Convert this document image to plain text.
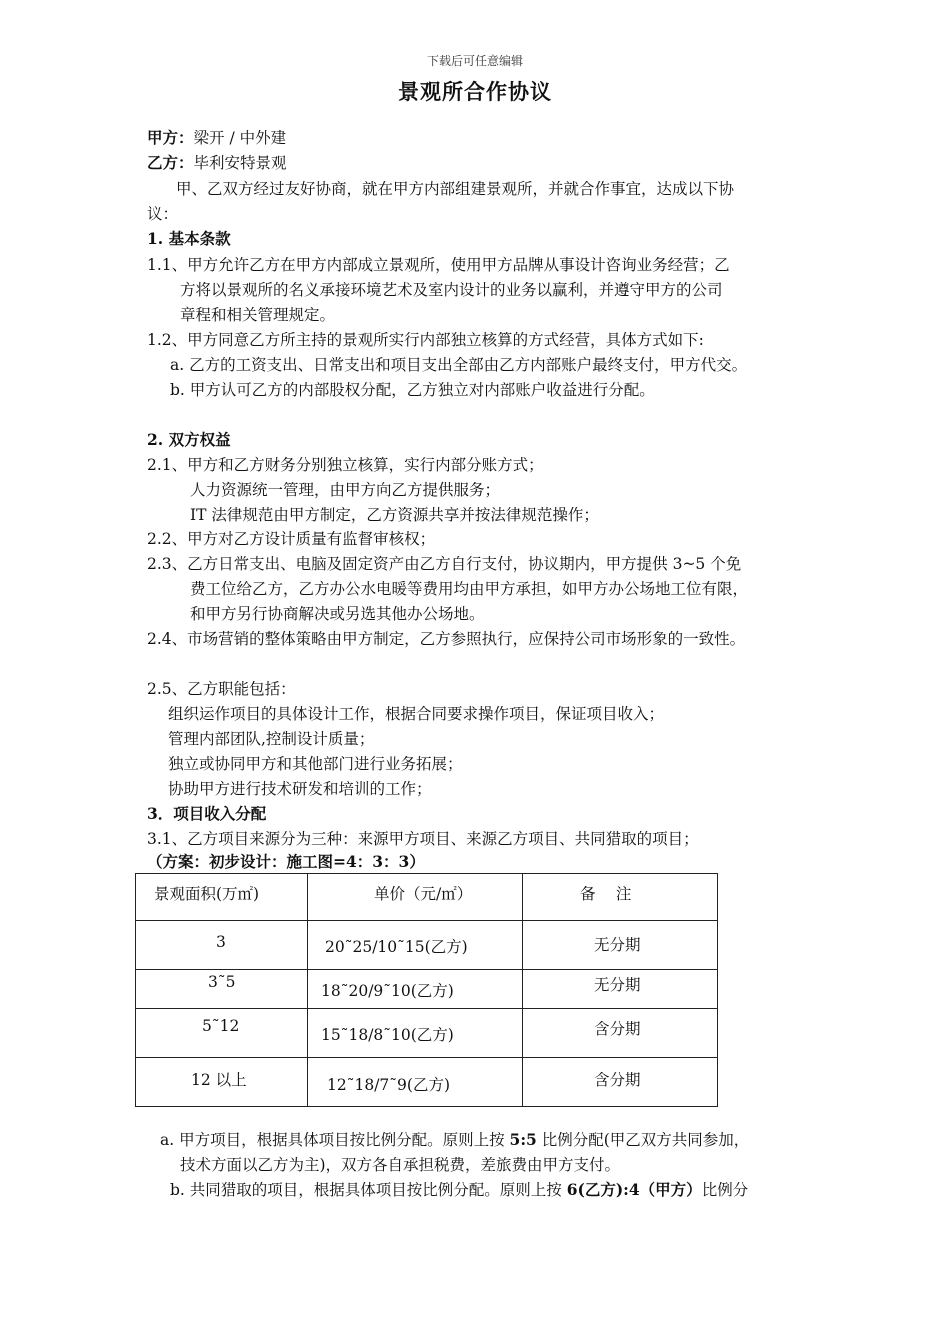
下载后可任意编辑
景观所合作协议
甲方：梁开 / 中外建
乙方：毕利安特景观
甲、乙双方经过友好协商，就在甲方内部组建景观所，并就合作事宜，达成以下协
议：
1. 基本条款
1.1、甲方允许乙方在甲方内部成立景观所，使用甲方品牌从事设计咨询业务经营；乙
方将以景观所的名义承接环境艺术及室内设计的业务以赢利，并遵守甲方的公司
章程和相关管理规定。
1.2、甲方同意乙方所主持的景观所实行内部独立核算的方式经营，具体方式如下:
a. 乙方的工资支出、日常支出和项目支出全部由乙方内部账户最终支付，甲方代交。
b. 甲方认可乙方的内部股权分配，乙方独立对内部账户收益进行分配。
2. 双方权益
2.1、甲方和乙方财务分别独立核算，实行内部分账方式；
人力资源统一管理，由甲方向乙方提供服务；
IT 法律规范由甲方制定，乙方资源共享并按法律规范操作；
2.2、甲方对乙方设计质量有监督审核权；
2.3、乙方日常支出、电脑及固定资产由乙方自行支付，协议期内，甲方提供 3~5 个免
费工位给乙方，乙方办公水电暖等费用均由甲方承担，如甲方办公场地工位有限，
和甲方另行协商解决或另选其他办公场地。
2.4、市场营销的整体策略由甲方制定，乙方参照执行，应保持公司市场形象的一致性。
2.5、乙方职能包括：
组织运作项目的具体设计工作，根据合同要求操作项目，保证项目收入；
管理内部团队,控制设计质量；
独立或协同甲方和其他部门进行业务拓展；
协助甲方进行技术研发和培训的工作；
3．项目收入分配
3.1、乙方项目来源分为三种：来源甲方项目、来源乙方项目、共同猎取的项目；
（方案：初步设计：施工图=4：3：3）
景观面积(万㎡)	单价（元/㎡）	备　 注

3	20˜25/10˜15(乙方)	无分期

3˜5	18˜20/9˜10(乙方)	无分期

5˜12	15˜18/8˜10(乙方)	含分期

12 以上	12˜18/7˜9(乙方)	含分期
a. 甲方项目，根据具体项目按比例分配。原则上按 5:5 比例分配(甲乙双方共同参加，
技术方面以乙方为主)，双方各自承担税费，差旅费由甲方支付。
b. 共同猎取的项目，根据具体项目按比例分配。原则上按 6(乙方):4（甲方）比例分
